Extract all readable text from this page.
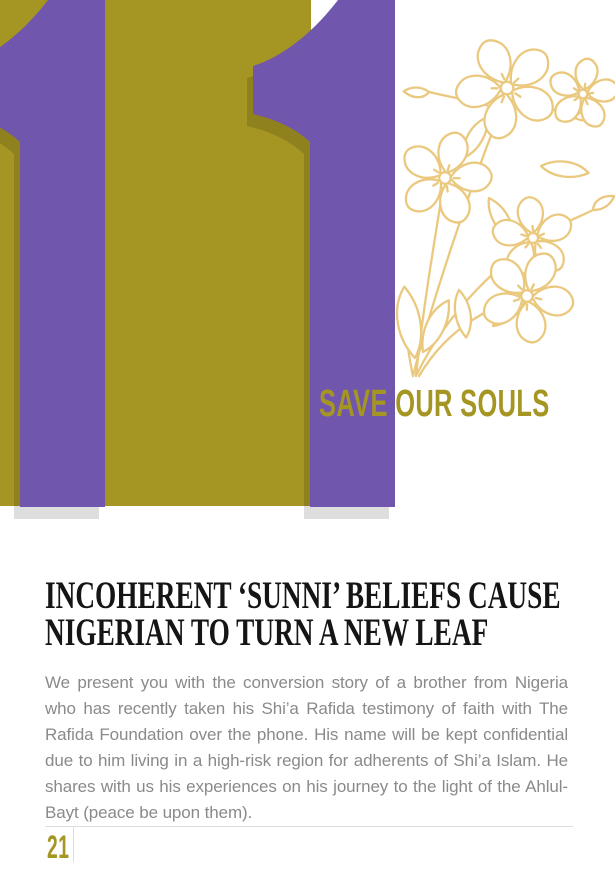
SAVE OUR SOULS
INCOHERENT ‘SUNNI’ BELIEFS CAUSE
NIGERIAN TO TURN A NEW LEAF

We present you with the conversion story of a brother from Nigeria who has recently taken his Shi’a Rafida testimony of faith with The Rafida Foundation over the phone. His name will be kept confidential due to him living in a high-risk region for adherents of Shi’a Islam. He shares with us his experiences on his journey to the light of the Ahlul-Bayt (peace be upon them).

21
